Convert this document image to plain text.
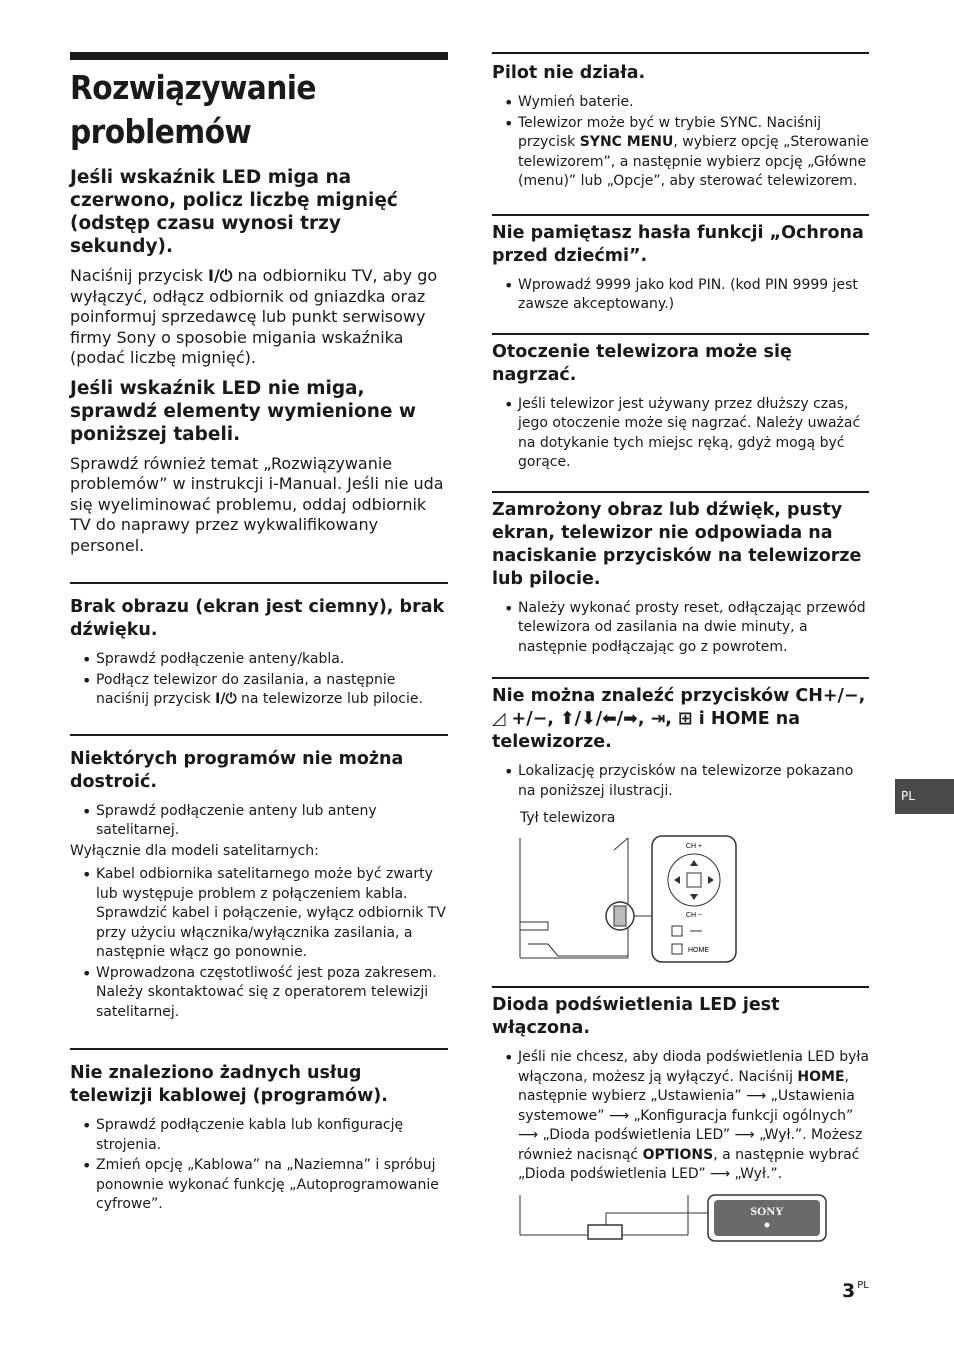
Rozwiązywanie
problemów

Jeśli wskaźnik LED miga na czerwono, policz liczbę mignięć (odstęp czasu wynosi trzy sekundy).

Naciśnij przycisk I/⏻ na odbiorniku TV, aby go wyłączyć, odłącz odbiornik od gniazdka oraz poinformuj sprzedawcę lub punkt serwisowy firmy Sony o sposobie migania wskaźnika (podać liczbę mignięć).

Jeśli wskaźnik LED nie miga, sprawdź elementy wymienione w poniższej tabeli.

Sprawdź również temat „Rozwiązywanie problemów” w instrukcji i-Manual. Jeśli nie uda się wyeliminować problemu, oddaj odbiornik TV do naprawy przez wykwalifikowany personel.

Brak obrazu (ekran jest ciemny), brak dźwięku.

• Sprawdź podłączenie anteny/kabla.
• Podłącz telewizor do zasilania, a następnie naciśnij przycisk I/⏻ na telewizorze lub pilocie.

Niektórych programów nie można dostroić.

• Sprawdź podłączenie anteny lub anteny satelitarnej.

Wyłącznie dla modeli satelitarnych:

• Kabel odbiornika satelitarnego może być zwarty lub występuje problem z połączeniem kabla. Sprawdzić kabel i połączenie, wyłącz odbiornik TV przy użyciu włącznika/wyłącznika zasilania, a następnie włącz go ponownie.
• Wprowadzona częstotliwość jest poza zakresem. Należy skontaktować się z operatorem telewizji satelitarnej.

Nie znaleziono żadnych usług telewizji kablowej (programów).

• Sprawdź podłączenie kabla lub konfigurację strojenia.
• Zmień opcję „Kablowa” na „Naziemna” i spróbuj ponownie wykonać funkcję „Autoprogramowanie cyfrowe”.

Pilot nie działa.

• Wymień baterie.
• Telewizor może być w trybie SYNC. Naciśnij przycisk SYNC MENU, wybierz opcję „Sterowanie telewizorem”, a następnie wybierz opcję „Główne (menu)” lub „Opcje”, aby sterować telewizorem.

Nie pamiętasz hasła funkcji „Ochrona przed dziećmi”.

• Wprowadź 9999 jako kod PIN. (kod PIN 9999 jest zawsze akceptowany.)

Otoczenie telewizora może się nagrzać.

• Jeśli telewizor jest używany przez dłuższy czas, jego otoczenie może się nagrzać. Należy uważać na dotykanie tych miejsc ręką, gdyż mogą być gorące.

Zamrożony obraz lub dźwięk, pusty ekran, telewizor nie odpowiada na naciskanie przycisków na telewizorze lub pilocie.

• Należy wykonać prosty reset, odłączając przewód telewizora od zasilania na dwie minuty, a następnie podłączając go z powrotem.

Nie można znaleźć przycisków CH+/−, ◿ +/−, ⬆/⬇/⬅/➡, ⇥, ⊞ i HOME na telewizorze.

• Lokalizację przycisków na telewizorze pokazano na poniższej ilustracji.

Tył telewizora

CH +
CH −
HOME

Dioda podświetlenia LED jest włączona.

• Jeśli nie chcesz, aby dioda podświetlenia LED była włączona, możesz ją wyłączyć. Naciśnij HOME, następnie wybierz „Ustawienia” ⟶ „Ustawienia systemowe” ⟶ „Konfiguracja funkcji ogólnych” ⟶ „Dioda podświetlenia LED” ⟶ „Wył.”. Możesz również nacisnąć OPTIONS, a następnie wybrać „Dioda podświetlenia LED” ⟶ „Wył.”.
SONY
PL
3 $^{PL}$
